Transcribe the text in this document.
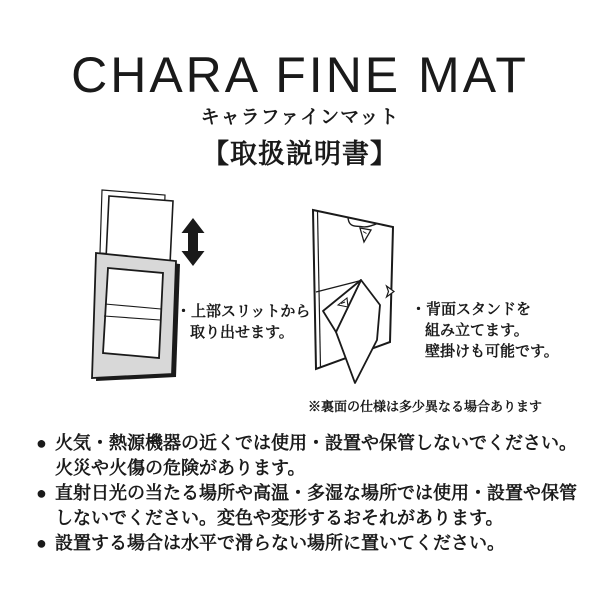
CHARA FINE MAT
キャラファインマット
【取扱説明書】
・上部スリットから
取り出せます。
・背面スタンドを
組み立てます。
壁掛けも可能です。
※裏面の仕様は多少異なる場合あります
● 火気・熱源機器の近くでは使用・設置や保管しないでください。
火災や火傷の危険があります。
● 直射日光の当たる場所や高温・多湿な場所では使用・設置や保管
しないでください。変色や変形するおそれがあります。
● 設置する場合は水平で滑らない場所に置いてください。
